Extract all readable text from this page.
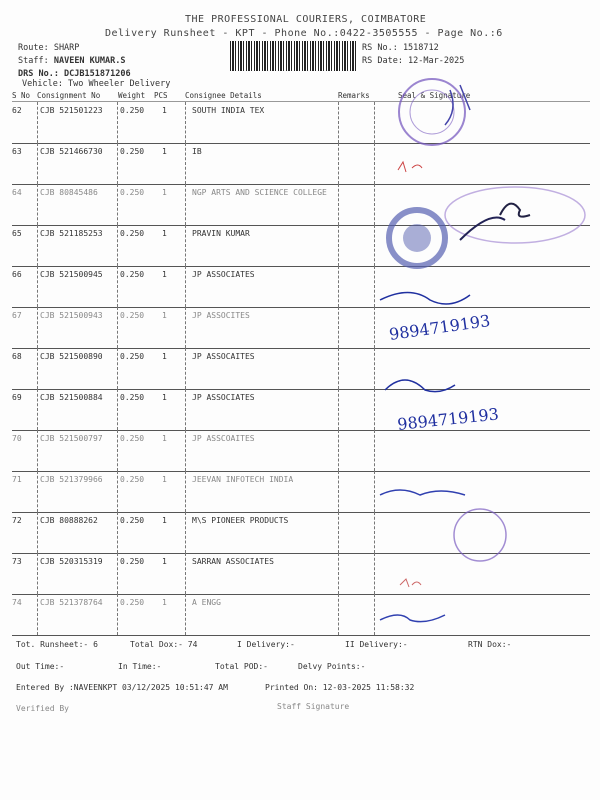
THE PROFESSIONAL COURIERS, COIMBATORE
Delivery Runsheet - KPT - Phone No.:0422-3505555 - Page No.:6
Route: SHARP
Staff: NAVEEN KUMAR.S
DRS No.: DCJB151871206
Vehicle: Two Wheeler Delivery
RS No.: 1518712
RS Date: 12-Mar-2025
S No Consignment No Weight PCS Consignee Details	Remarks	Seal & Signature
62 CJB 521501223 0.250 1	SOUTH INDIA TEX
63 CJB 521466730 0.250 1	IB
64 CJB 80845486	0.250 1	NGP ARTS AND SCIENCE COLLEGE
65 CJB 521185253 0.250 1	PRAVIN KUMAR
66 CJB 521500945 0.250 1	JP ASSOCIATES
67 CJB 521500943 0.250 1	JP ASSOCITES
68 CJB 521500890 0.250 1	JP ASSOCAITES
69 CJB 521500884 0.250 1	JP ASSOCIATES
70 CJB 521500797 0.250 1	JP ASSCOAITES
71 CJB 521379966 0.250 1	JEEVAN INFOTECH INDIA
72 CJB 80888262	0.250 1	M\S PIONEER PRODUCTS
73 CJB 520315319 0.250 1	SARRAN ASSOCIATES
74 CJB 521378764 0.250 1	A ENGG
9894719193
9894719193
Tot. Runsheet:- 6	Total Dox:- 74	I Delivery:-	II Delivery:-	RTN Dox:-
Out Time:-	In Time:-	Total POD:-	Delvy Points:-
Entered By :NAVEENKPT 03/12/2025 10:51:47 AM	Printed On: 12-03-2025 11:58:32
Verified By	Staff Signature
